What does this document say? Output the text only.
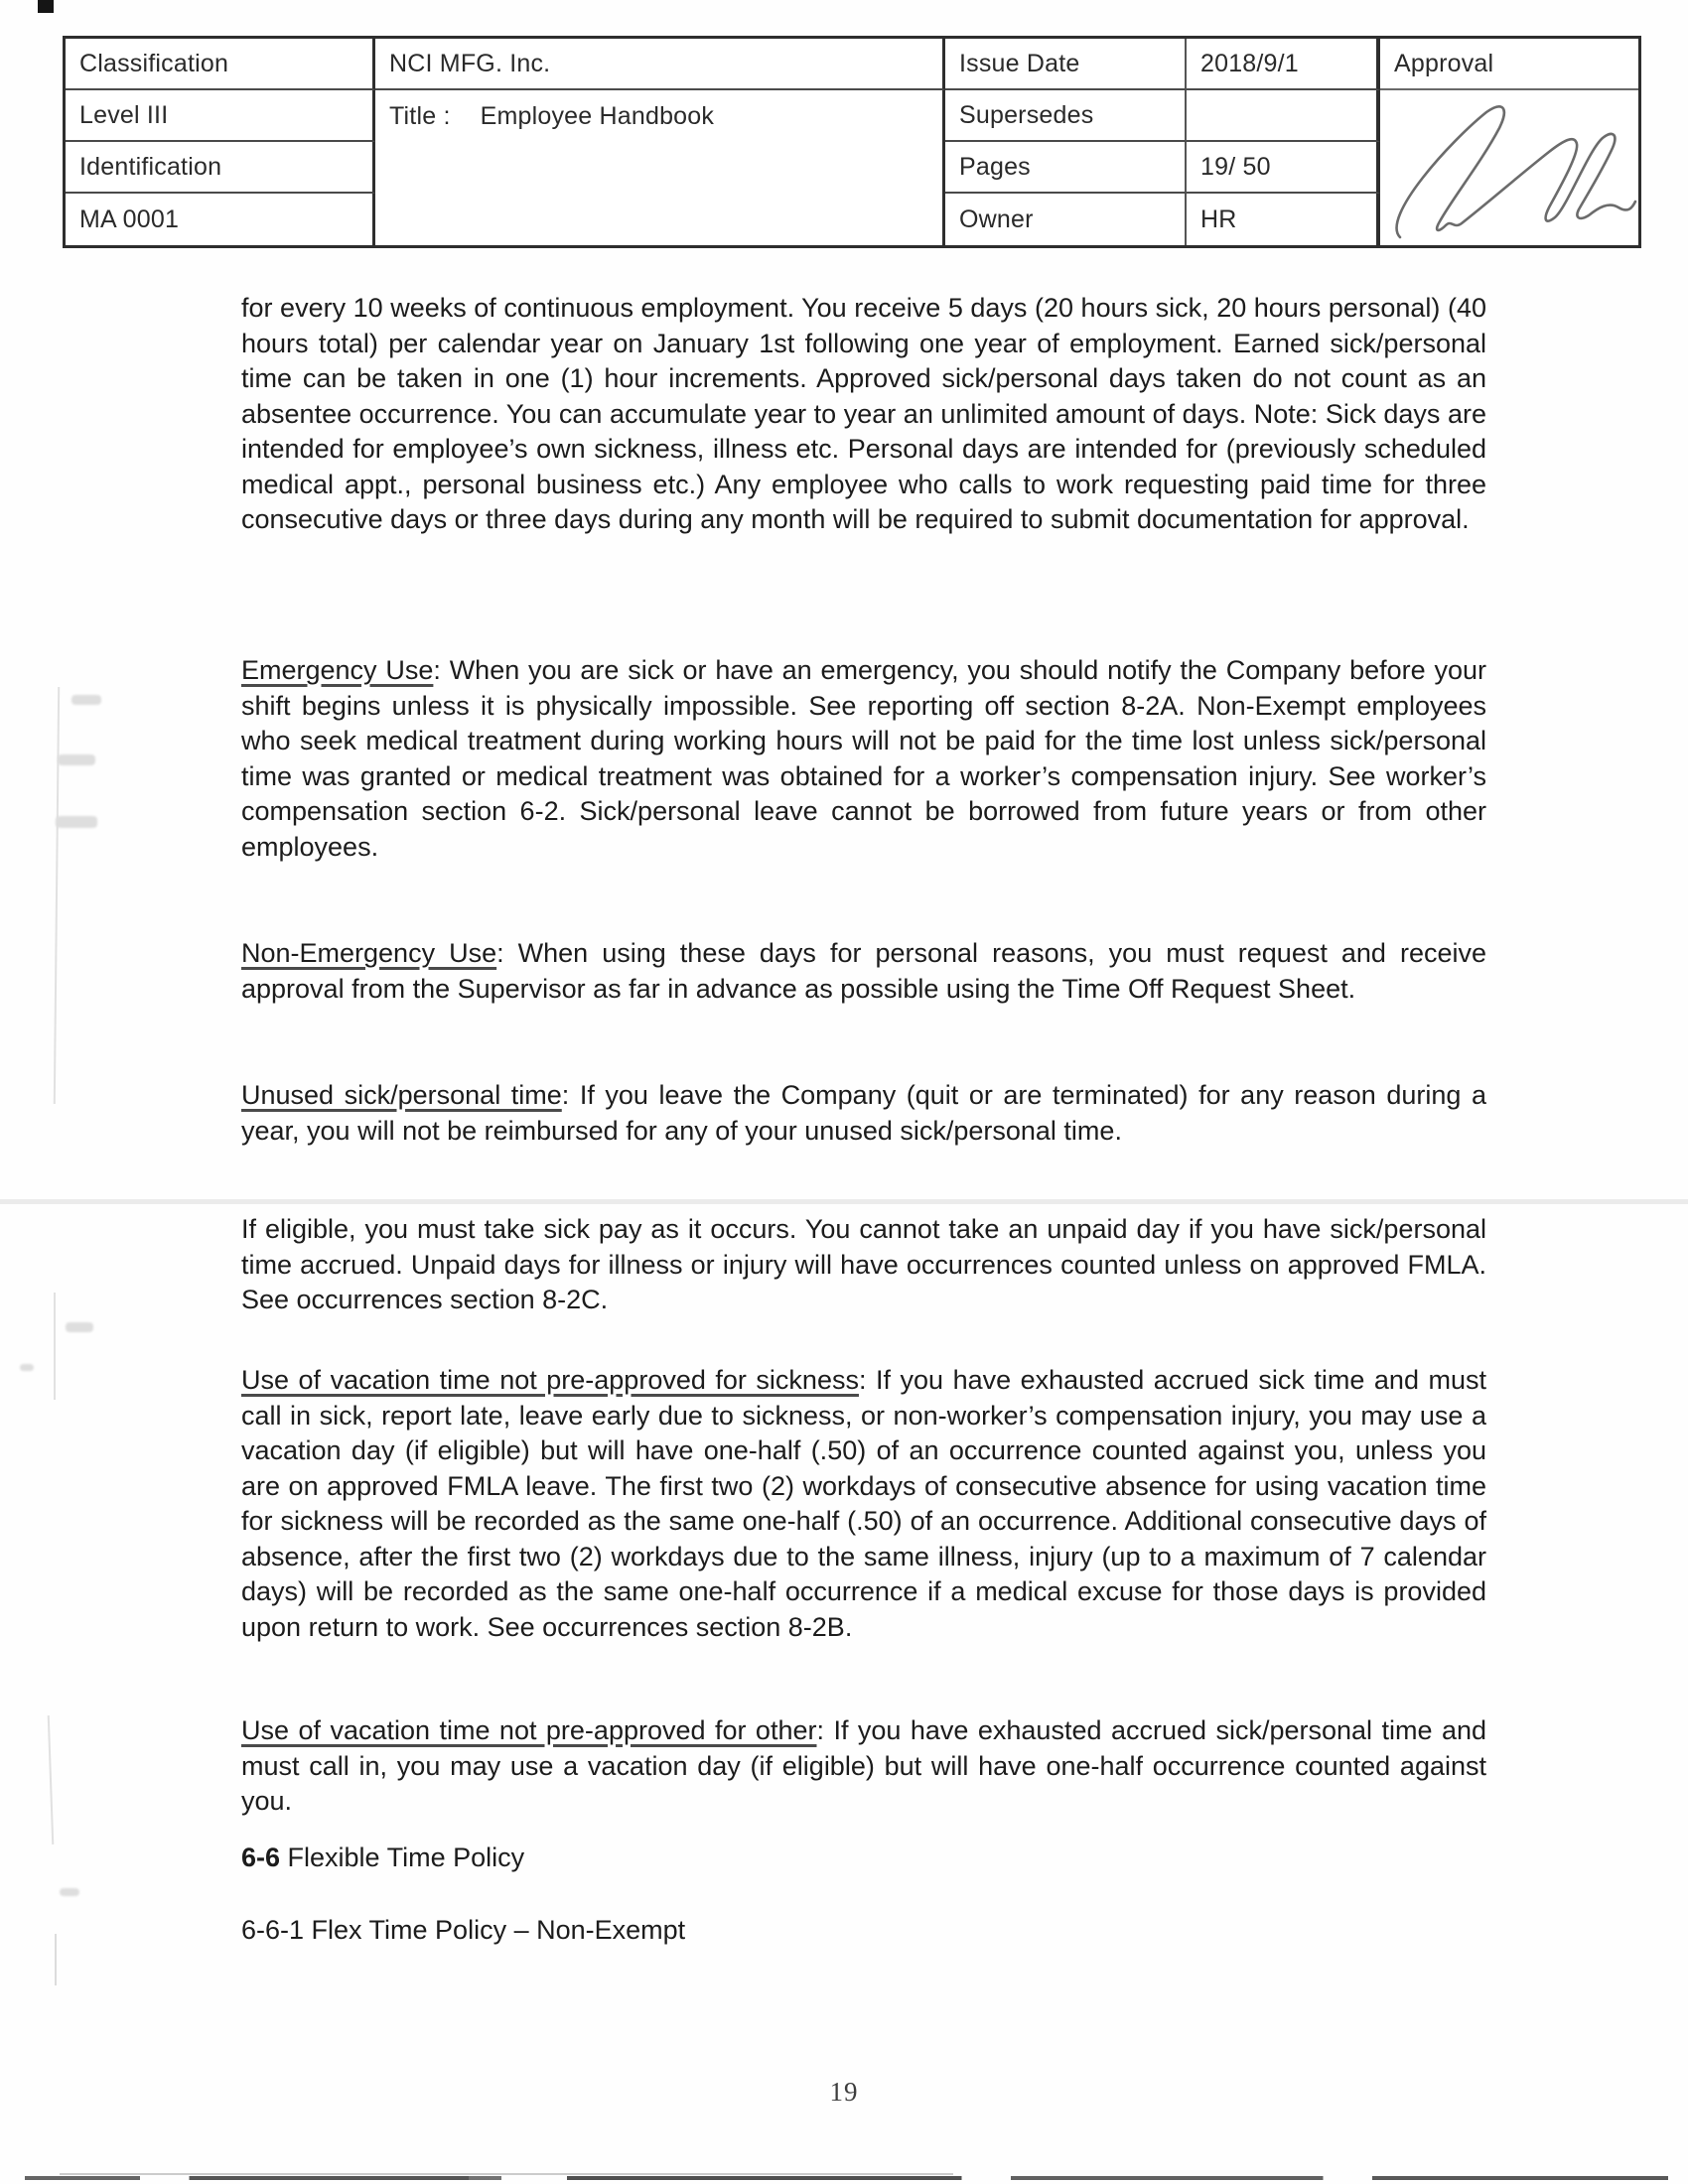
Classification
Level III
Identification
MA 0001
NCI MFG. Inc.
Title : Employee Handbook
Issue Date
Supersedes
Pages
Owner
2018/9/1
19/ 50
HR
Approval
for every 10 weeks of continuous employment. You receive 5 days (20 hours sick, 20 hours personal) (40 hours total) per calendar year on January 1st following one year of employment. Earned sick/personal time can be taken in one (1) hour increments. Approved sick/personal days taken do not count as an absentee occurrence. You can accumulate year to year an unlimited amount of days. Note: Sick days are intended for employee’s own sickness, illness etc. Personal days are intended for (previously scheduled medical appt., personal business etc.) Any employee who calls to work requesting paid time for three consecutive days or three days during any month will be required to submit documentation for approval.
Emergency Use: When you are sick or have an emergency, you should notify the Company before your shift begins unless it is physically impossible. See reporting off section 8-2A. Non-Exempt employees who seek medical treatment during working hours will not be paid for the time lost unless sick/personal time was granted or medical treatment was obtained for a worker’s compensation injury. See worker’s compensation section 6-2. Sick/personal leave cannot be borrowed from future years or from other employees.
Non-Emergency Use: When using these days for personal reasons, you must request and receive approval from the Supervisor as far in advance as possible using the Time Off Request Sheet.
Unused sick/personal time: If you leave the Company (quit or are terminated) for any reason during a year, you will not be reimbursed for any of your unused sick/personal time.
If eligible, you must take sick pay as it occurs. You cannot take an unpaid day if you have sick/personal time accrued. Unpaid days for illness or injury will have occurrences counted unless on approved FMLA. See occurrences section 8-2C.
Use of vacation time not pre-approved for sickness: If you have exhausted accrued sick time and must call in sick, report late, leave early due to sickness, or non-worker’s compensation injury, you may use a vacation day (if eligible) but will have one-half (.50) of an occurrence counted against you, unless you are on approved FMLA leave. The first two (2) workdays of consecutive absence for using vacation time for sickness will be recorded as the same one-half (.50) of an occurrence. Additional consecutive days of absence, after the first two (2) workdays due to the same illness, injury (up to a maximum of 7 calendar days) will be recorded as the same one-half occurrence if a medical excuse for those days is provided upon return to work. See occurrences section 8-2B.
Use of vacation time not pre-approved for other: If you have exhausted accrued sick/personal time and must call in, you may use a vacation day (if eligible) but will have one-half occurrence counted against you.
6-6 Flexible Time Policy
6-6-1 Flex Time Policy – Non-Exempt
19
